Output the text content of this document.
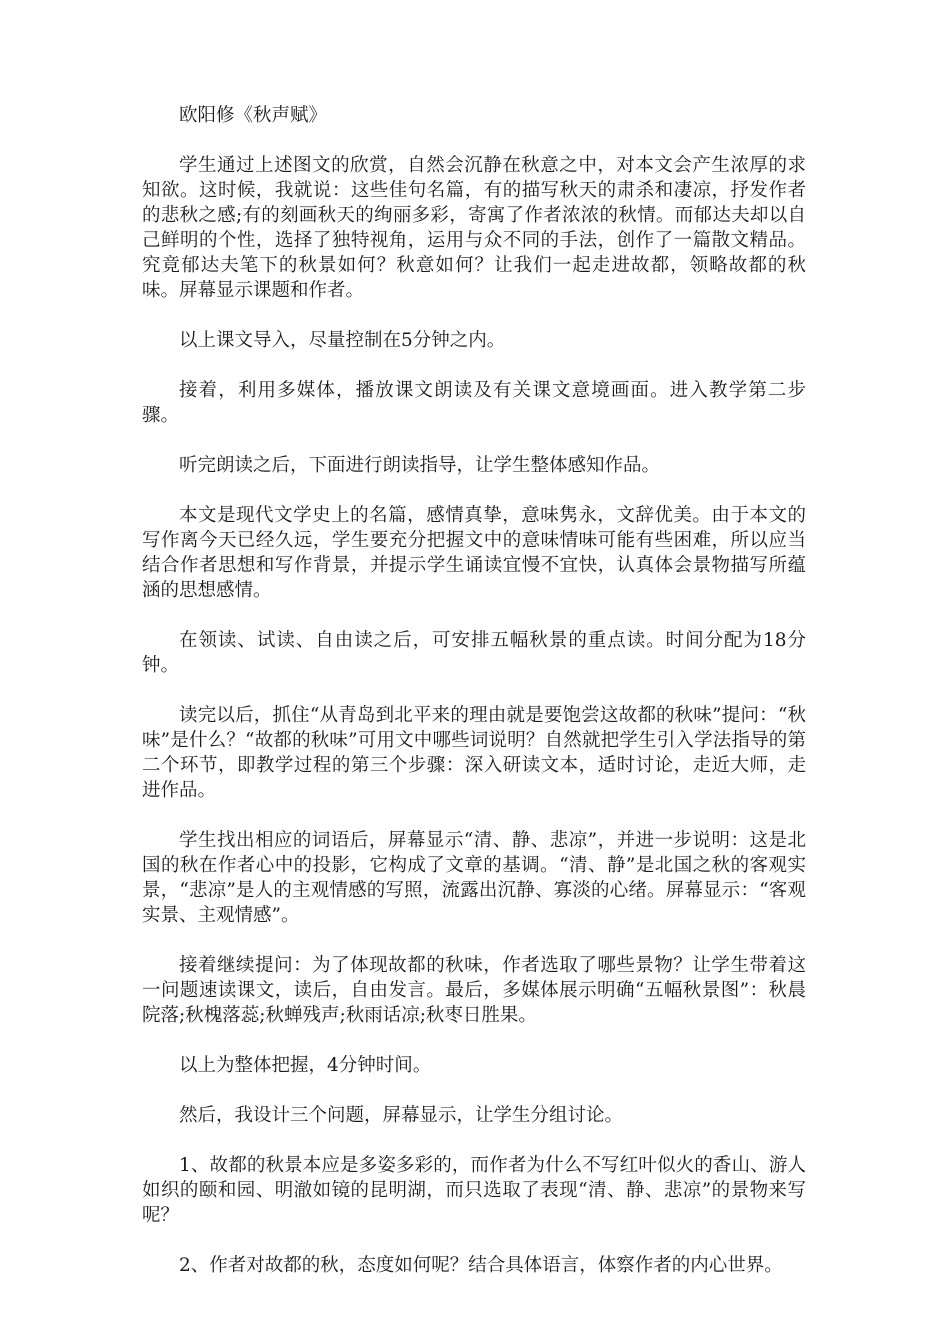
欧阳修《秋声赋》

学生通过上述图文的欣赏，自然会沉静在秋意之中，对本文会产生浓厚的求知欲。这时候，我就说：这些佳句名篇，有的描写秋天的肃杀和凄凉，抒发作者的悲秋之感;有的刻画秋天的绚丽多彩，寄寓了作者浓浓的秋情。而郁达夫却以自己鲜明的个性，选择了独特视角，运用与众不同的手法，创作了一篇散文精品。究竟郁达夫笔下的秋景如何？秋意如何？让我们一起走进故都，领略故都的秋味。屏幕显示课题和作者。

以上课文导入，尽量控制在5分钟之内。

接着，利用多媒体，播放课文朗读及有关课文意境画面。进入教学第二步骤。

听完朗读之后，下面进行朗读指导，让学生整体感知作品。

本文是现代文学史上的名篇，感情真挚，意味隽永，文辞优美。由于本文的写作离今天已经久远，学生要充分把握文中的意味情味可能有些困难，所以应当结合作者思想和写作背景，并提示学生诵读宜慢不宜快，认真体会景物描写所蕴涵的思想感情。

在领读、试读、自由读之后，可安排五幅秋景的重点读。时间分配为18分钟。

读完以后，抓住“从青岛到北平来的理由就是要饱尝这故都的秋味”提问：“秋味”是什么？“故都的秋味”可用文中哪些词说明？自然就把学生引入学法指导的第二个环节，即教学过程的第三个步骤：深入研读文本，适时讨论，走近大师，走进作品。

学生找出相应的词语后，屏幕显示“清、静、悲凉”，并进一步说明：这是北国的秋在作者心中的投影，它构成了文章的基调。“清、静”是北国之秋的客观实景，“悲凉”是人的主观情感的写照，流露出沉静、寡淡的心绪。屏幕显示：“客观实景、主观情感”。

接着继续提问：为了体现故都的秋味，作者选取了哪些景物？让学生带着这一问题速读课文，读后，自由发言。最后，多媒体展示明确“五幅秋景图”：秋晨院落;秋槐落蕊;秋蝉残声;秋雨话凉;秋枣日胜果。

以上为整体把握，4分钟时间。

然后，我设计三个问题，屏幕显示，让学生分组讨论。

1、故都的秋景本应是多姿多彩的，而作者为什么不写红叶似火的香山、游人如织的颐和园、明澈如镜的昆明湖，而只选取了表现“清、静、悲凉”的景物来写呢？

2、作者对故都的秋，态度如何呢？结合具体语言，体察作者的内心世界。
